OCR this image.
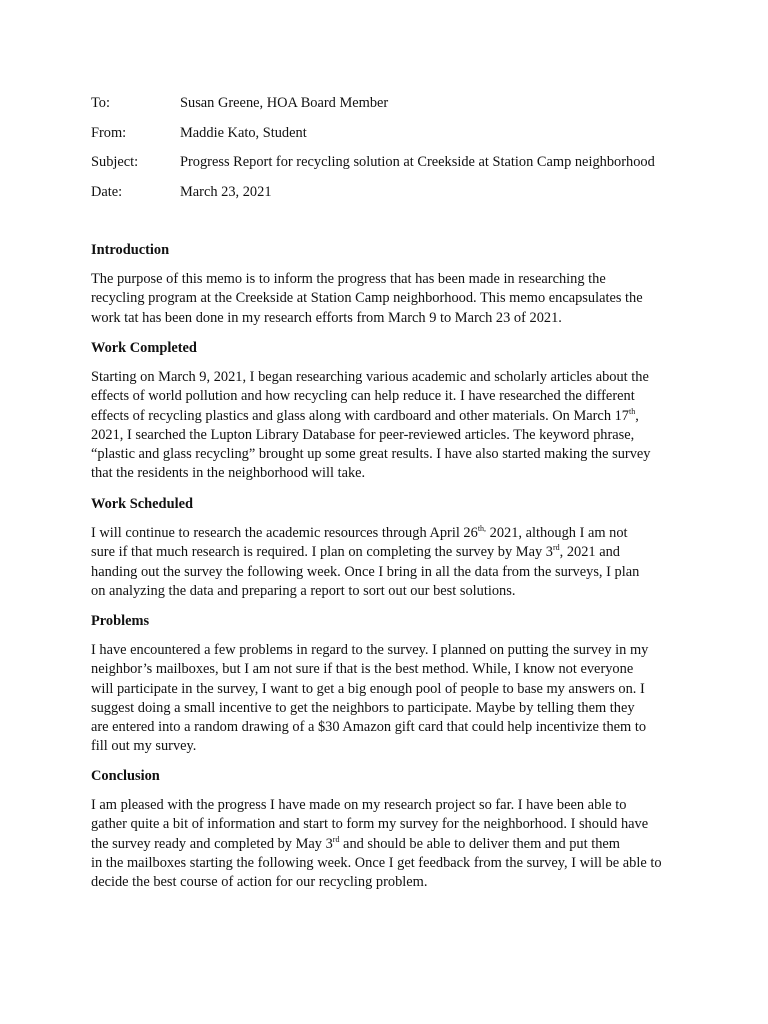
To:	Susan Greene, HOA Board Member
From:	Maddie Kato, Student
Subject:	Progress Report for recycling solution at Creekside at Station Camp neighborhood
Date:	March 23, 2021

Introduction

The purpose of this memo is to inform the progress that has been made in researching the

recycling program at the Creekside at Station Camp neighborhood. This memo encapsulates the

work tat has been done in my research efforts from March 9 to March 23 of 2021.

Work Completed

Starting on March 9, 2021, I began researching various academic and scholarly articles about the

effects of world pollution and how recycling can help reduce it. I have researched the different

effects of recycling plastics and glass along with cardboard and other materials. On March 17th,

2021, I searched the Lupton Library Database for peer-reviewed articles. The keyword phrase,

“plastic and glass recycling” brought up some great results. I have also started making the survey

that the residents in the neighborhood will take.

Work Scheduled

I will continue to research the academic resources through April $26^{th,}$ 2021, although I am not

sure if that much research is required. I plan on completing the survey by May 3rd, 2021 and

handing out the survey the following week. Once I bring in all the data from the surveys, I plan

on analyzing the data and preparing a report to sort out our best solutions.

Problems

I have encountered a few problems in regard to the survey. I planned on putting the survey in my

neighbor’s mailboxes, but I am not sure if that is the best method. While, I know not everyone

will participate in the survey, I want to get a big enough pool of people to base my answers on. I

suggest doing a small incentive to get the neighbors to participate. Maybe by telling them they

are entered into a random drawing of a $30 Amazon gift card that could help incentivize them to

fill out my survey.

Conclusion

I am pleased with the progress I have made on my research project so far. I have been able to

gather quite a bit of information and start to form my survey for the neighborhood. I should have

the survey ready and completed by May 3rd and should be able to deliver them and put them

in the mailboxes starting the following week. Once I get feedback from the survey, I will be able to

decide the best course of action for our recycling problem.
